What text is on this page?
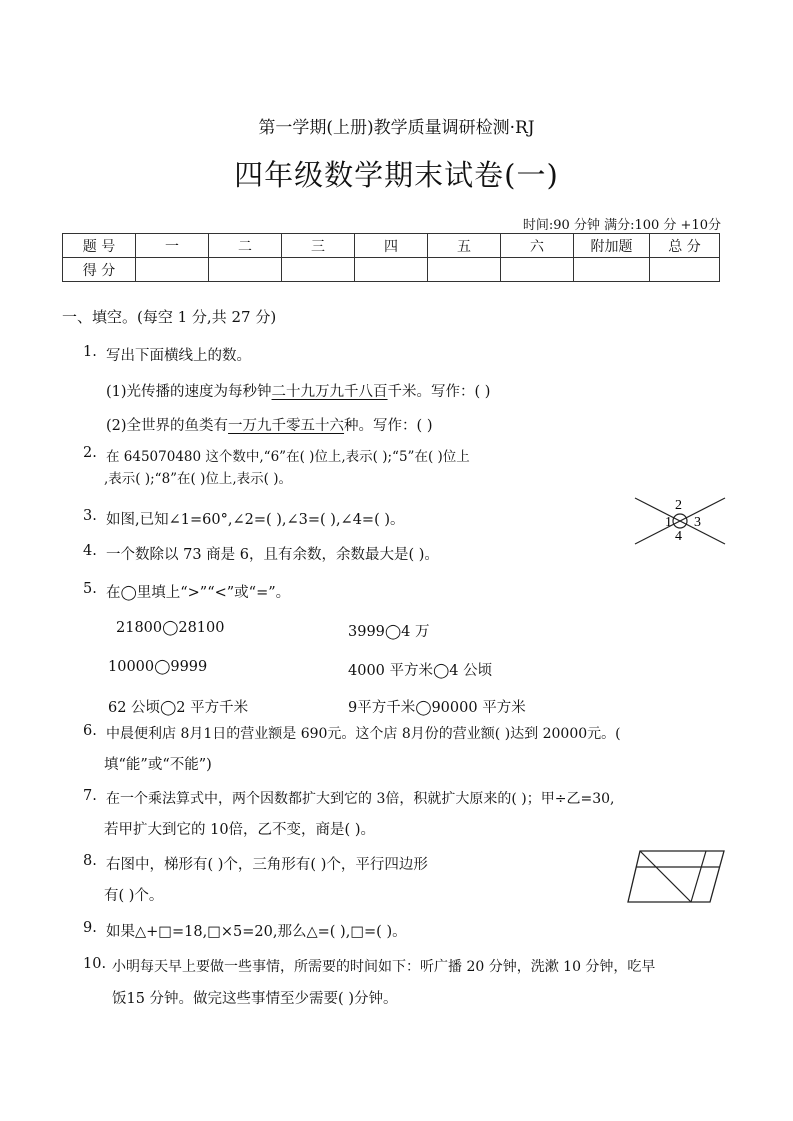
第一学期(上册)教学质量调研检测·RJ
四年级数学期末试卷(一)
时间:90 分钟 满分:100 分 +10分
题 号	一	二	三	四	五	六	附加题	总 分
得 分								
一、填空。(每空 1 分,共 27 分)
1. 写出下面横线上的数。
(1)光传播的速度为每秒钟二十九万九千八百千米。写作：( )
(2)全世界的鱼类有一万九千零五十六种。写作：( )
2. 在 645070480 这个数中,“6”在( )位上,表示( );“5”在( )位上
,表示( );“8”在( )位上,表示( )。
3. 如图,已知∠1=60°,∠2=( ),∠3=( ),∠4=( )。	1
2
3
4
4. 一个数除以 73 商是 6，且有余数，余数最大是( )。
5. 在◯里填上“>”“<”或“=”。
21800◯28100	3999◯4 万
10000◯9999	4000 平方米◯4 公顷
62 公顷◯2 平方千米	9平方千米◯90000 平方米
6. 中晨便利店 8月1日的营业额是 690元。这个店 8月份的营业额( )达到 20000元。(
填“能”或“不能”)
7. 在一个乘法算式中，两个因数都扩大到它的 3倍，积就扩大原来的( )；甲÷乙=30,
若甲扩大到它的 10倍，乙不变，商是( )。
8. 右图中，梯形有( )个，三角形有( )个，平行四边形
有( )个。
9. 如果△+□=18,□×5=20,那么△=( ),□=( )。
10. 小明每天早上要做一些事情，所需要的时间如下：听广播 20 分钟，洗漱 10 分钟，吃早
饭15 分钟。做完这些事情至少需要( )分钟。
